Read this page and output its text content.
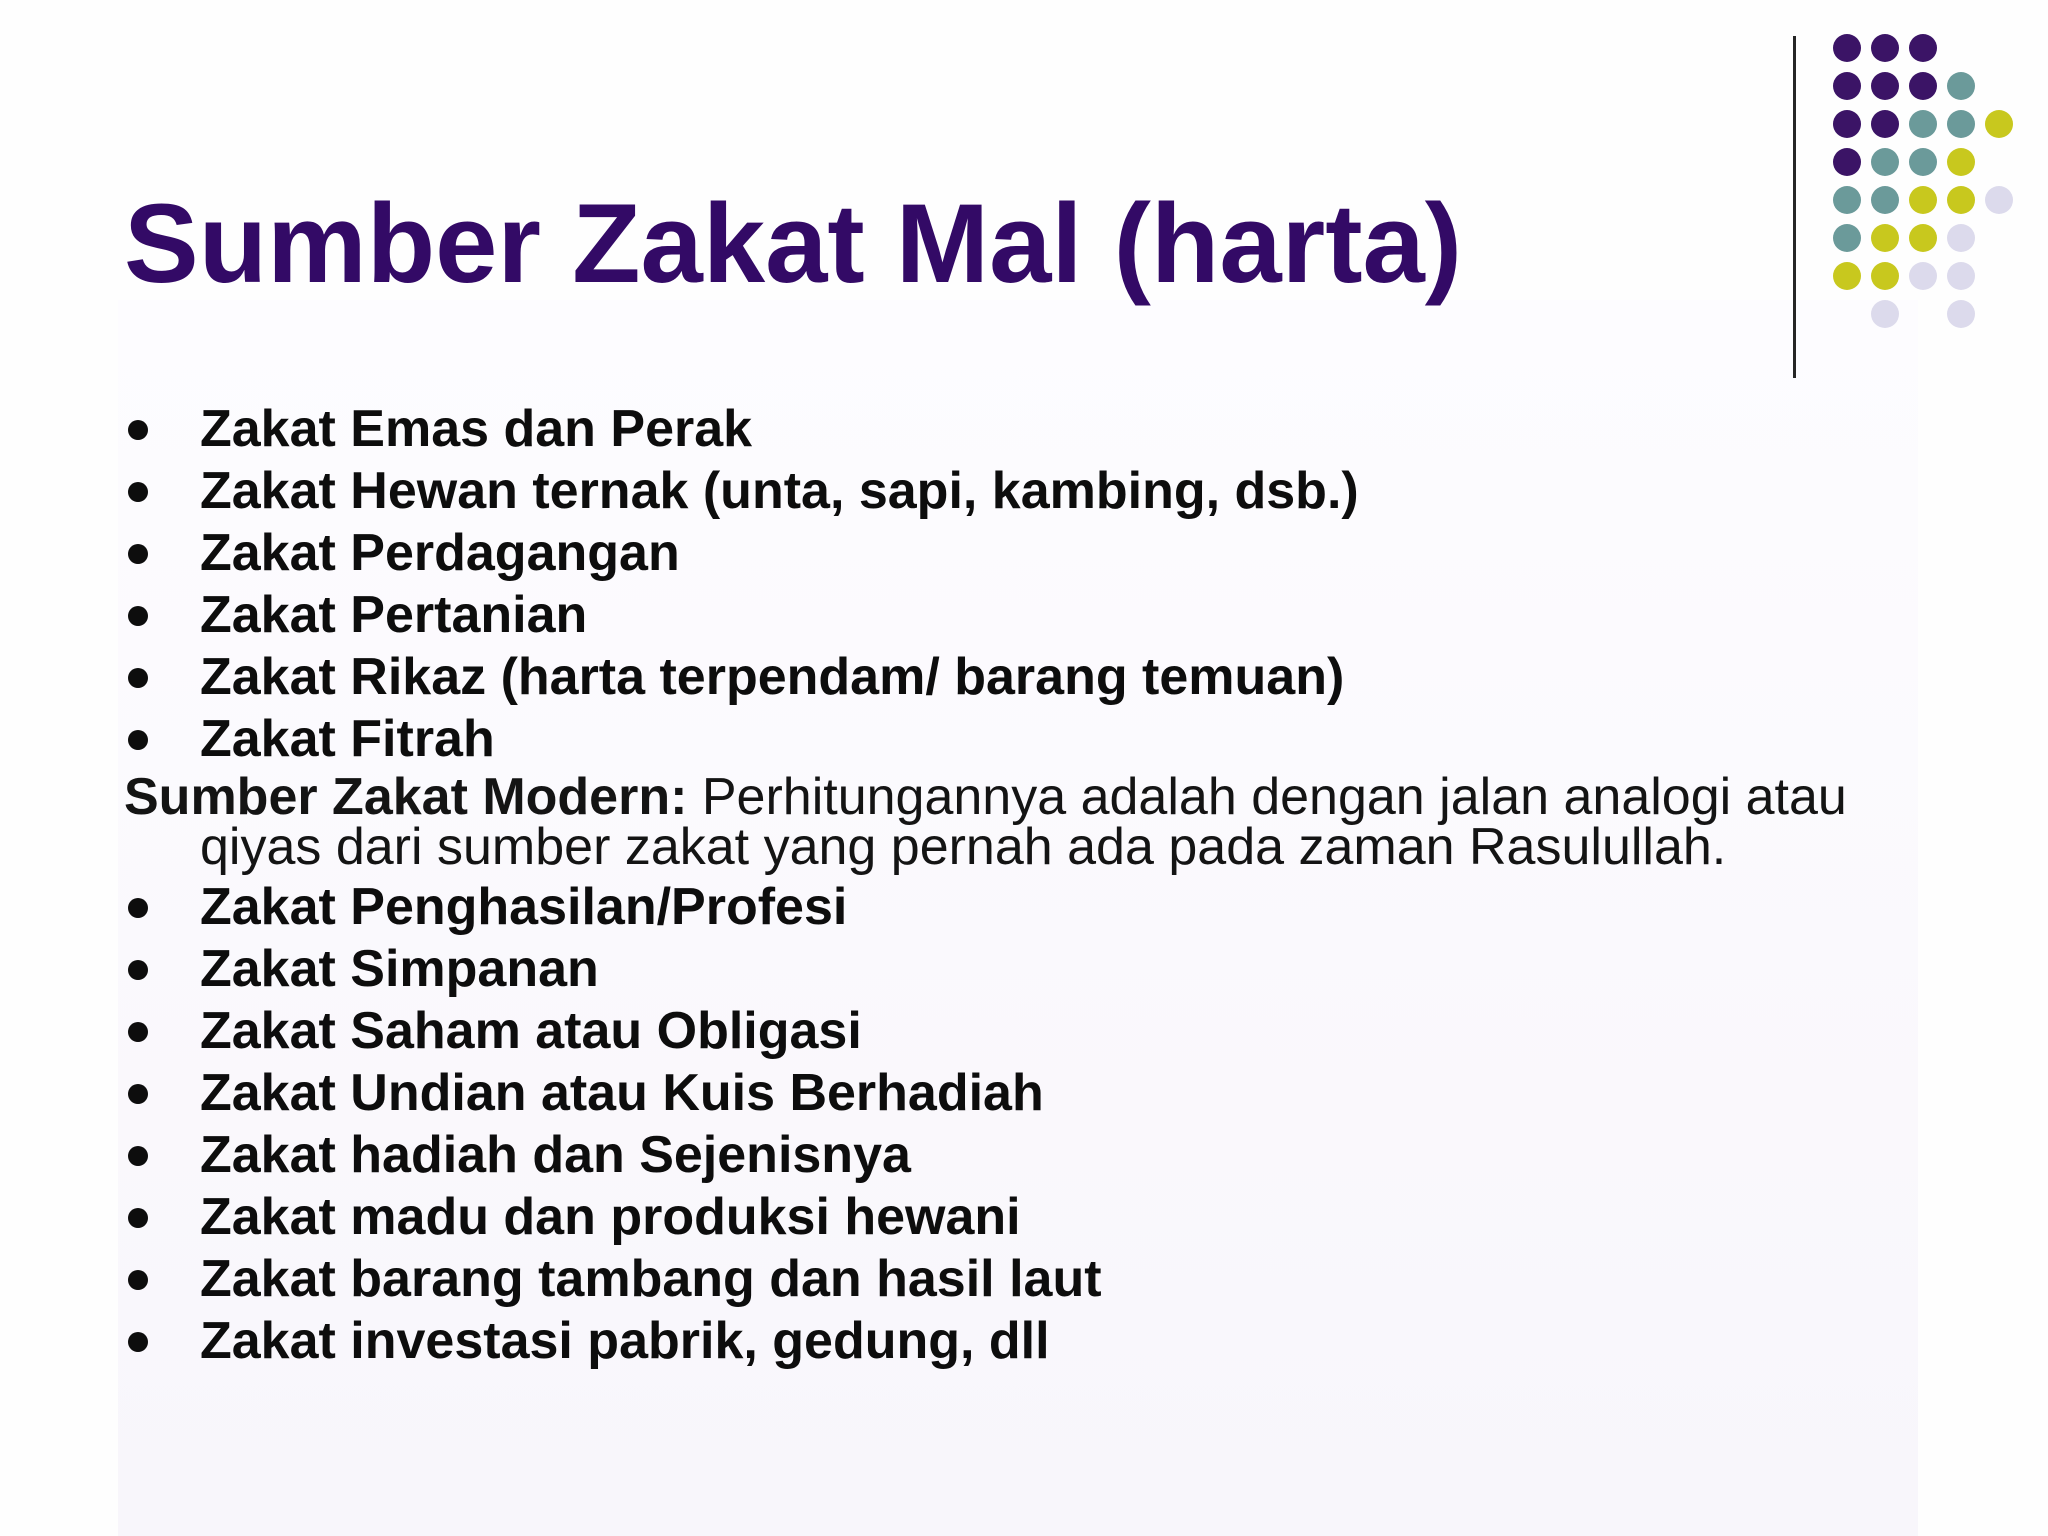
Sumber Zakat Mal (harta)
Zakat Emas dan Perak
Zakat Hewan ternak (unta, sapi, kambing, dsb.)
Zakat Perdagangan
Zakat Pertanian
Zakat Rikaz (harta terpendam/ barang temuan)
Zakat Fitrah
Sumber Zakat Modern: Perhitungannya adalah dengan jalan analogi atau
qiyas dari sumber zakat yang pernah ada pada zaman Rasulullah.
Zakat Penghasilan/Profesi
Zakat Simpanan
Zakat Saham atau Obligasi
Zakat Undian atau Kuis Berhadiah
Zakat hadiah dan Sejenisnya
Zakat madu dan produksi hewani
Zakat barang tambang dan hasil laut
Zakat investasi pabrik, gedung, dll
